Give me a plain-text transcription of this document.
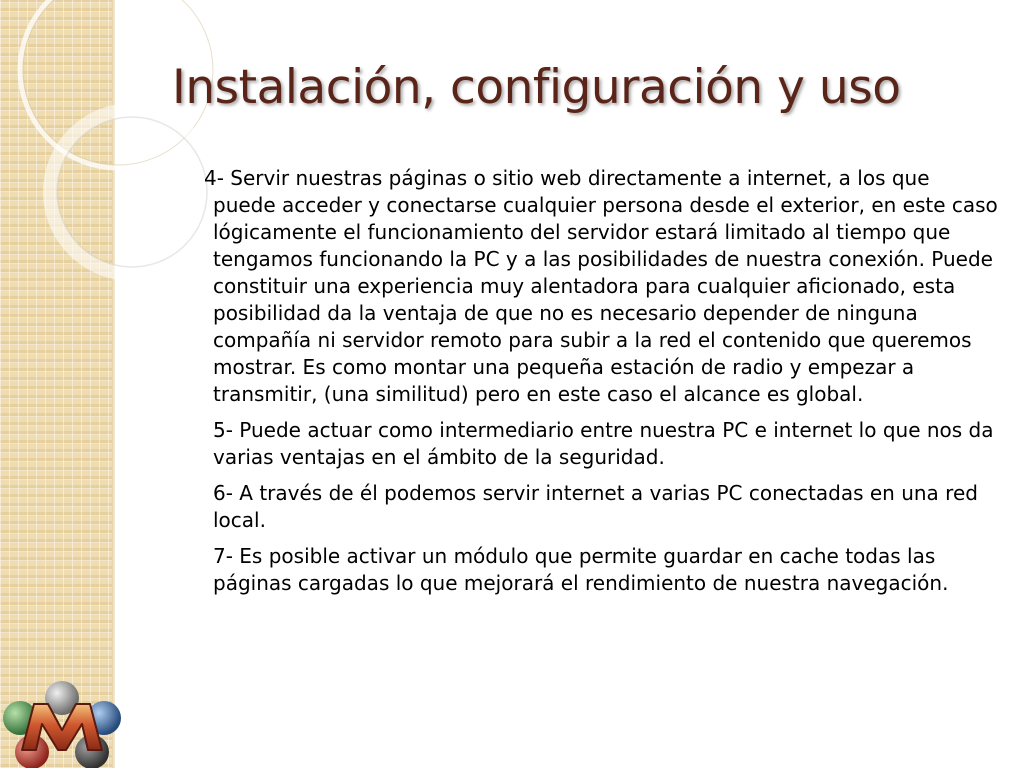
Instalación, configuración y uso

4- Servir nuestras páginas o sitio web directamente a internet, a los que puede acceder y conectarse cualquier persona desde el exterior, en este caso lógicamente el funcionamiento del servidor estará limitado al tiempo que tengamos funcionando la PC y a las posibilidades de nuestra conexión. Puede constituir una experiencia muy alentadora para cualquier aficionado, esta posibilidad da la ventaja de que no es necesario depender de ninguna compañía ni servidor remoto para subir a la red el contenido que queremos mostrar. Es como montar una pequeña estación de radio y empezar a transmitir, (una similitud) pero en este caso el alcance es global.

5- Puede actuar como intermediario entre nuestra PC e internet lo que nos da varias ventajas en el ámbito de la seguridad.

6- A través de él podemos servir internet a varias PC conectadas en una red local.

7- Es posible activar un módulo que permite guardar en cache todas las páginas cargadas lo que mejorará el rendimiento de nuestra navegación.
